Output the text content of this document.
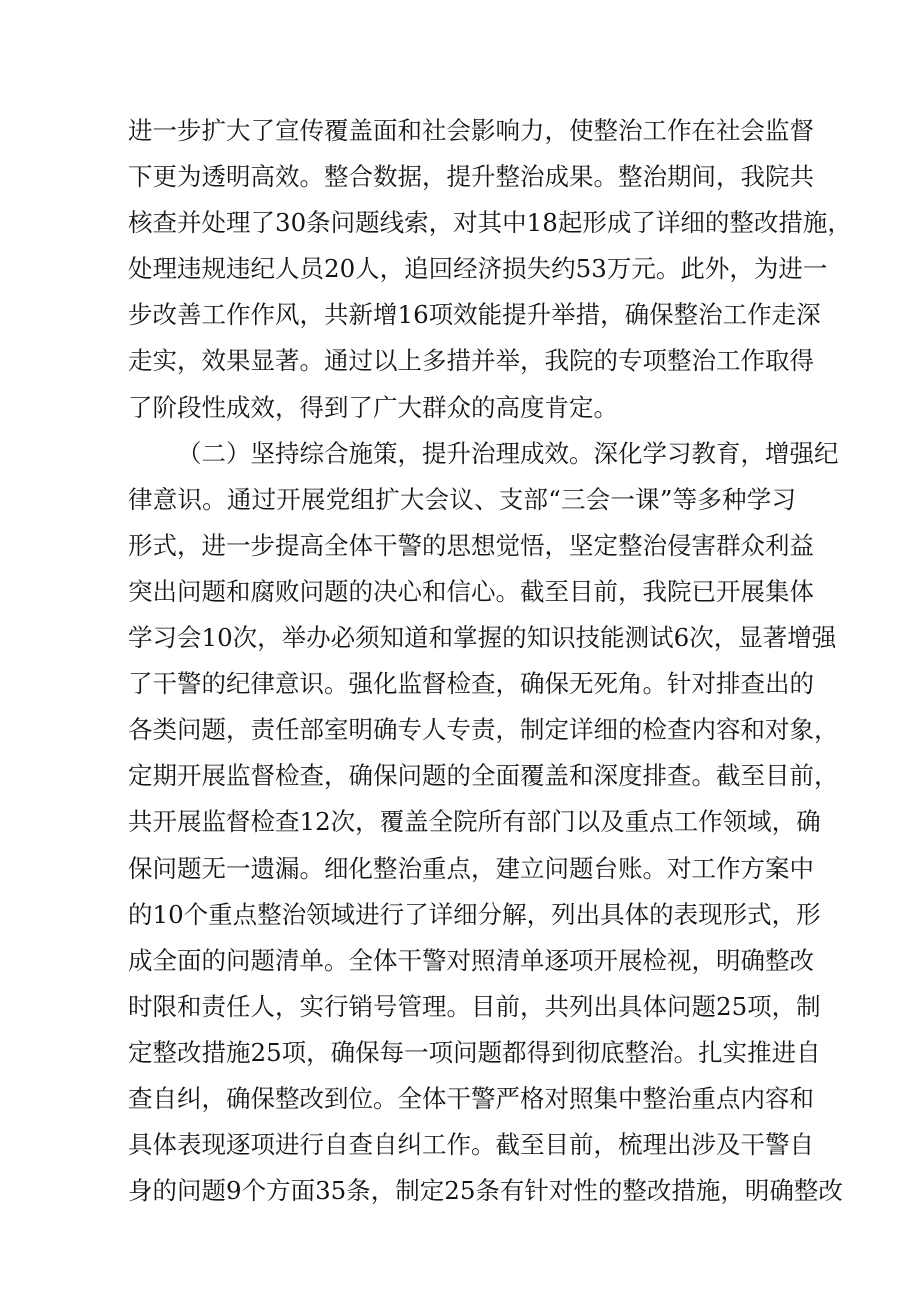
进一步扩大了宣传覆盖面和社会影响力，使整治工作在社会监督
下更为透明高效。整合数据，提升整治成果。整治期间，我院共
核查并处理了30条问题线索，对其中18起形成了详细的整改措施，
处理违规违纪人员20人，追回经济损失约53万元。此外，为进一
步改善工作作风，共新增16项效能提升举措，确保整治工作走深
走实，效果显著。通过以上多措并举，我院的专项整治工作取得
了阶段性成效，得到了广大群众的高度肯定。
（二）坚持综合施策，提升治理成效。深化学习教育，增强纪
律意识。通过开展党组扩大会议、支部“三会一课”等多种学习
形式，进一步提高全体干警的思想觉悟，坚定整治侵害群众利益
突出问题和腐败问题的决心和信心。截至目前，我院已开展集体
学习会10次，举办必须知道和掌握的知识技能测试6次，显著增强
了干警的纪律意识。强化监督检查，确保无死角。针对排查出的
各类问题，责任部室明确专人专责，制定详细的检查内容和对象，
定期开展监督检查，确保问题的全面覆盖和深度排查。截至目前，
共开展监督检查12次，覆盖全院所有部门以及重点工作领域，确
保问题无一遗漏。细化整治重点，建立问题台账。对工作方案中
的10个重点整治领域进行了详细分解，列出具体的表现形式，形
成全面的问题清单。全体干警对照清单逐项开展检视，明确整改
时限和责任人，实行销号管理。目前，共列出具体问题25项，制
定整改措施25项，确保每一项问题都得到彻底整治。扎实推进自
查自纠，确保整改到位。全体干警严格对照集中整治重点内容和
具体表现逐项进行自查自纠工作。截至目前，梳理出涉及干警自
身的问题9个方面35条，制定25条有针对性的整改措施，明确整改
